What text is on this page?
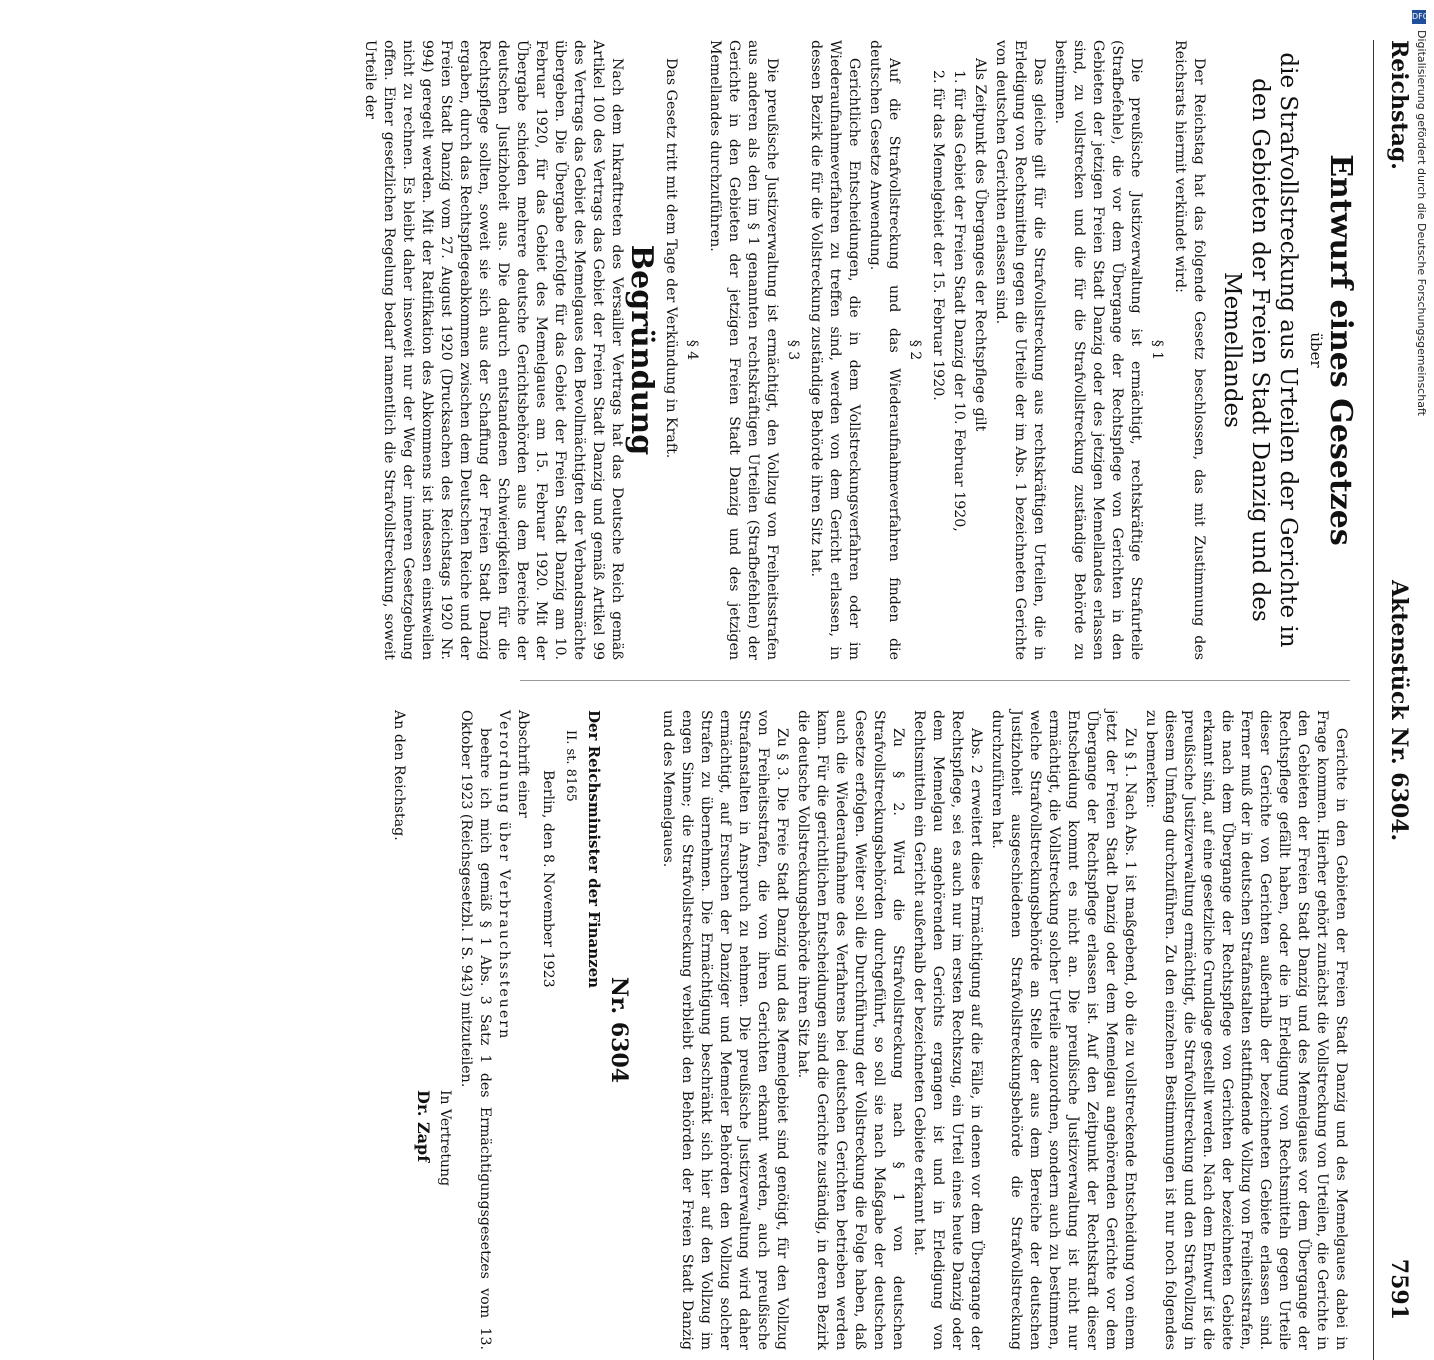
Reichstag.
Aktenstück Nr. 6304.
7591
Entwurf eines Gesetzes
über
die Strafvollstreckung aus Urteilen der Gerichte in den Gebieten der Freien Stadt Danzig und des Memellandes

Der Reichstag hat das folgende Gesetz beschlossen, das mit Zustimmung des Reichsrats hiermit verkündet wird:

§ 1

Die preußische Justizverwaltung ist ermächtigt, rechtskräftige Strafurteile (Strafbefehle), die vor dem Übergange der Rechtspflege von Gerichten in den Gebieten der jetzigen Freien Stadt Danzig oder des jetzigen Memellandes erlassen sind, zu vollstrecken und die für die Strafvollstreckung zuständige Behörde zu bestimmen.

Das gleiche gilt für die Strafvollstreckung aus rechtskräftigen Urteilen, die in Erledigung von Rechtsmitteln gegen die Urteile der im Abs. 1 bezeichneten Gerichte von deutschen Gerichten erlassen sind.

Als Zeitpunkt des Überganges der Rechtspflege gilt

1. für das Gebiet der Freien Stadt Danzig der 10. Februar 1920,
2. für das Memelgebiet der 15. Februar 1920.
§ 2

Auf die Strafvollstreckung und das Wiederaufnahmeverfahren finden die deutschen Gesetze Anwendung.

Gerichtliche Entscheidungen, die in dem Vollstreckungsverfahren oder im Wiederaufnahmeverfahren zu treffen sind, werden von dem Gericht erlassen, in dessen Bezirk die für die Vollstreckung zuständige Behörde ihren Sitz hat.

§ 3

Die preußische Justizverwaltung ist ermächtigt, den Vollzug von Freiheitsstrafen aus anderen als den im § 1 genannten rechtskräftigen Urteilen (Strafbefehlen) der Gerichte in den Gebieten der jetzigen Freien Stadt Danzig und des jetzigen Memellandes durchzuführen.

§ 4

Das Gesetz tritt mit dem Tage der Verkündung in Kraft.

Begründung

Nach dem Inkrafttreten des Versailler Vertrags hat das Deutsche Reich gemäß Artikel 100 des Vertrags das Gebiet der Freien Stadt Danzig und gemäß Artikel 99 des Vertrags das Gebiet des Memelgaues den Bevollmächtigten der Verbandsmächte übergeben. Die Übergabe erfolgte für das Gebiet der Freien Stadt Danzig am 10. Februar 1920, für das Gebiet des Memelgaues am 15. Februar 1920. Mit der Übergabe schieden mehrere deutsche Gerichtsbehörden aus dem Bereiche der deutschen Justizhoheit aus. Die dadurch entstandenen Schwierigkeiten für die Rechtspflege sollten, soweit sie sich aus der Schaffung der Freien Stadt Danzig ergaben, durch das Rechtspflegeabkommen zwischen dem Deutschen Reiche und der Freien Stadt Danzig vom 27. August 1920 (Drucksachen des Reichstags 1920 Nr. 994) geregelt werden. Mit der Ratifikation des Abkommens ist indessen einstweilen nicht zu rechnen. Es bleibt daher insoweit nur der Weg der inneren Gesetzgebung offen. Einer gesetzlichen Regelung bedarf namentlich die Strafvollstreckung, soweit Urteile der

Gerichte in den Gebieten der Freien Stadt Danzig und des Memelgaues dabei in Frage kommen. Hierher gehört zunächst die Vollstreckung von Urteilen, die Gerichte in den Gebieten der Freien Stadt Danzig und des Memelgaues vor dem Übergange der Rechtspflege gefällt haben, oder die in Erledigung von Rechtsmitteln gegen Urteile dieser Gerichte von Gerichten außerhalb der bezeichneten Gebiete erlassen sind. Ferner muß der in deutschen Strafanstalten stattfindende Vollzug von Freiheitsstrafen, die nach dem Übergange der Rechtspflege von Gerichten der bezeichneten Gebiete erkannt sind, auf eine gesetzliche Grundlage gestellt werden. Nach dem Entwurf ist die preußische Justizverwaltung ermächtigt, die Strafvollstreckung und den Strafvollzug in diesem Umfang durchzuführen. Zu den einzelnen Bestimmungen ist nur noch folgendes zu bemerken:

Zu § 1. Nach Abs. 1 ist maßgebend, ob die zu vollstreckende Entscheidung von einem jetzt der Freien Stadt Danzig oder dem Memelgau angehörenden Gerichte vor dem Übergange der Rechtspflege erlassen ist. Auf den Zeitpunkt der Rechtskraft dieser Entscheidung kommt es nicht an. Die preußische Justizverwaltung ist nicht nur ermächtigt, die Vollstreckung solcher Urteile anzuordnen, sondern auch zu bestimmen, welche Strafvollstreckungsbehörde an Stelle der aus dem Bereiche der deutschen Justizhoheit ausgeschiedenen Strafvollstreckungsbehörde die Strafvollstreckung durchzuführen hat.

Abs. 2 erweitert diese Ermächtigung auf die Fälle, in denen vor dem Übergange der Rechtspflege, sei es auch nur im ersten Rechtszug, ein Urteil eines heute Danzig oder dem Memelgau angehörenden Gerichts ergangen ist und in Erledigung von Rechtsmitteln ein Gericht außerhalb der bezeichneten Gebiete erkannt hat.

Zu § 2. Wird die Strafvollstreckung nach § 1 von deutschen Strafvollstreckungsbehörden durchgeführt, so soll sie nach Maßgabe der deutschen Gesetze erfolgen. Weiter soll die Durchführung der Vollstreckung die Folge haben, daß auch die Wiederaufnahme des Verfahrens bei deutschen Gerichten betrieben werden kann. Für die gerichtlichen Entscheidungen sind die Gerichte zuständig, in deren Bezirk die deutsche Vollstreckungsbehörde ihren Sitz hat.

Zu § 3. Die Freie Stadt Danzig und das Memelgebiet sind genötigt, für den Vollzug von Freiheitsstrafen, die von ihren Gerichten erkannt werden, auch preußische Strafanstalten in Anspruch zu nehmen. Die preußische Justizverwaltung wird daher ermächtigt, auf Ersuchen der Danziger und Memeler Behörden den Vollzug solcher Strafen zu übernehmen. Die Ermächtigung beschränkt sich hier auf den Vollzug im engen Sinne; die Strafvollstreckung verbleibt den Behörden der Freien Stadt Danzig und des Memelgaues.

Nr. 6304
Der Reichsminister der Finanzen
II. st. 8165
Berlin, den 8. November 1923
Abschrift einer
Verordnung über Verbrauchssteuern

beehre ich mich gemäß § 1 Abs. 3 Satz 1 des Ermächtigungsgesetzes vom 13. Oktober 1923 (Reichsgesetzbl. I S. 943) mitzuteilen.

In Vertretung
Dr. Zapf
An den Reichstag.
DFG
Digitalisierung gefördert durch die Deutsche Forschungsgemeinschaft
